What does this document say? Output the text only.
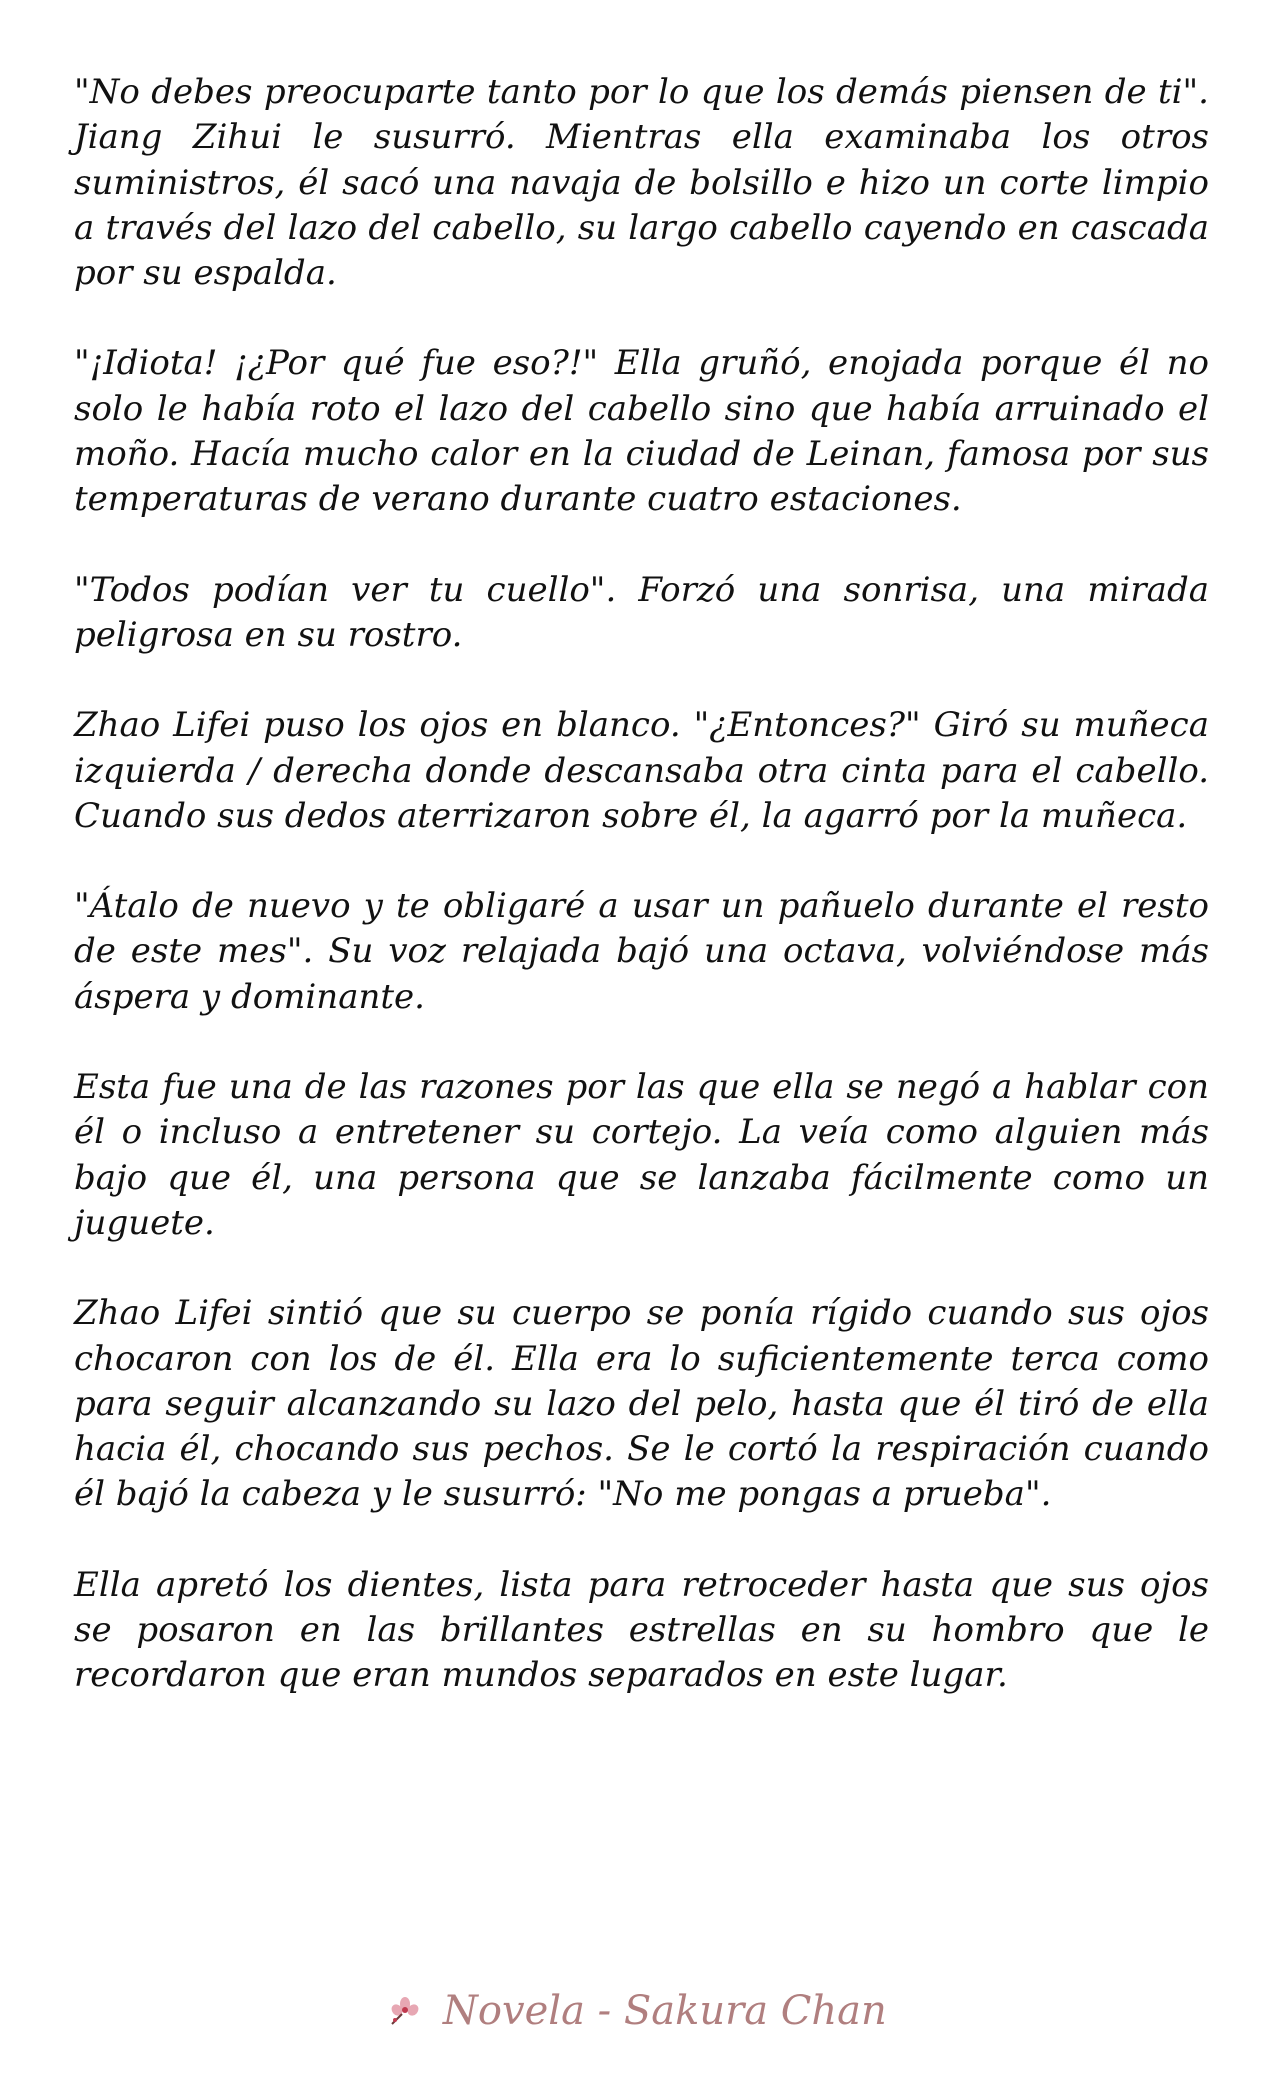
"No debes preocuparte tanto por lo que los demás piensen de ti". Jiang Zihui le susurró. Mientras ella examinaba los otros suministros, él sacó una navaja de bolsillo e hizo un corte limpio a través del lazo del cabello, su largo cabello cayendo en cascada por su espalda.

"¡Idiota! ¡¿Por qué fue eso?!" Ella gruñó, enojada porque él no solo le había roto el lazo del cabello sino que había arruinado el moño. Hacía mucho calor en la ciudad de Leinan, famosa por sus temperaturas de verano durante cuatro estaciones.

"Todos podían ver tu cuello". Forzó una sonrisa, una mirada peligrosa en su rostro.

Zhao Lifei puso los ojos en blanco. "¿Entonces?" Giró su muñeca izquierda / derecha donde descansaba otra cinta para el cabello. Cuando sus dedos aterrizaron sobre él, la agarró por la muñeca.

"Átalo de nuevo y te obligaré a usar un pañuelo durante el resto de este mes". Su voz relajada bajó una octava, volviéndose más áspera y dominante.

Esta fue una de las razones por las que ella se negó a hablar con él o incluso a entretener su cortejo. La veía como alguien más bajo que él, una persona que se lanzaba fácilmente como un juguete.

Zhao Lifei sintió que su cuerpo se ponía rígido cuando sus ojos chocaron con los de él. Ella era lo suficientemente terca como para seguir alcanzando su lazo del pelo, hasta que él tiró de ella hacia él, chocando sus pechos. Se le cortó la respiración cuando él bajó la cabeza y le susurró: "No me pongas a prueba".

Ella apretó los dientes, lista para retroceder hasta que sus ojos se posaron en las brillantes estrellas en su hombro que le recordaron que eran mundos separados en este lugar.

Novela - Sakura Chan
